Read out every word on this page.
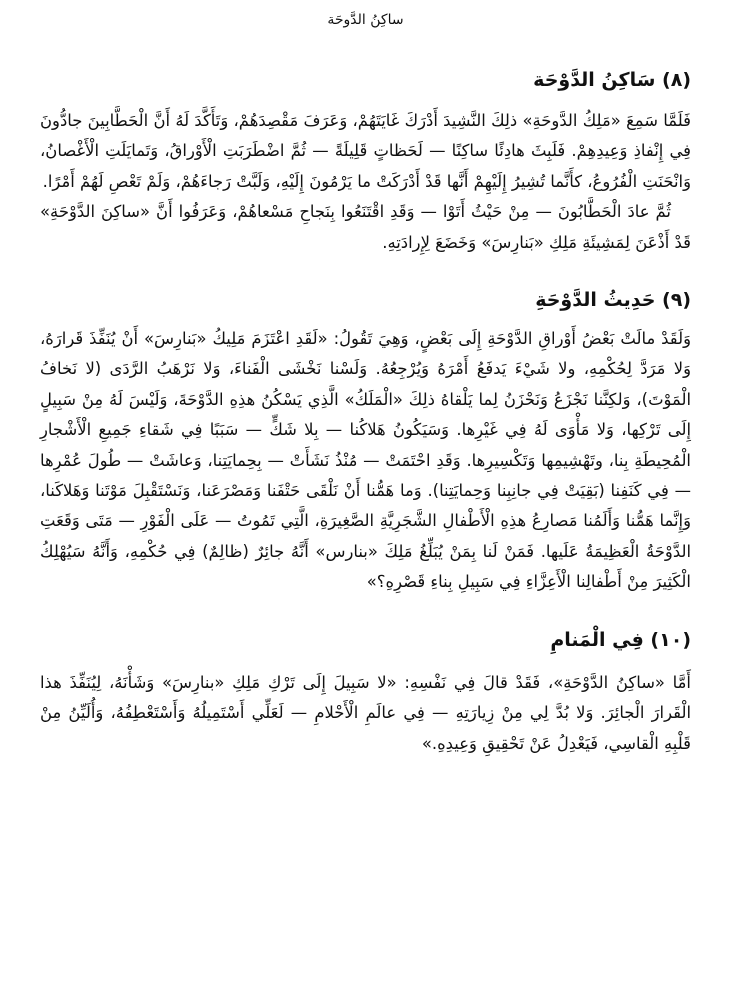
ساكِنُ الدَّوحَة
(٨) سَاكِنُ الدَّوْحَة

فَلَمَّا سَمِعَ «مَلِكُ الدَّوحَةِ» ذلِكَ النَّشِيدَ أَدْرَكَ غَايَتَهُمْ، وَعَرَفَ مَقْصِدَهُمْ، وَتَأَكَّدَ لَهُ أَنَّ الْحَطَّابِينَ جادُّونَ فِي إِنْفاذِ وَعِيدِهِمْ. فَلَبِثَ هادِئًا ساكِنًا — لَحَظاتٍ قَلِيلَةً — ثُمَّ اضْطَرَبَتِ الْأَوْراقُ، وَتَمايَلَتِ الْأَغْصانُ، وَانْحَنَتِ الْفُرُوعُ، كأَنَّما تُشِيرُ إِلَيْهِمْ أَنَّها قَدْ أَدْرَكَتْ ما يَرْمُونَ إِلَيْهِ، وَلَبَّتْ رَجاءَهُمْ، وَلَمْ تَعْصِ لَهُمْ أَمْرًا.

ثُمَّ عادَ الْحَطَّابُونَ — مِنْ حَيْثُ أَتَوْا — وَقَدِ اقْتَنَعُوا بِنَجاحِ مَسْعاهُمْ، وَعَرَفُوا أَنَّ «ساكِنَ الدَّوْحَةِ» قَدْ أَذْعَنَ لِمَشِيئَةِ مَلِكِ «بَنارِسَ» وَخَضَعَ لِإِرادَتِهِ.

(٩) حَدِيثُ الدَّوْحَةِ

وَلَقَدْ مالَتْ بَعْضُ أَوْراقِ الدَّوْحَةِ إِلَى بَعْضٍ، وَهِيَ تَقُولُ: «لَقَدِ اعْتَزَمَ مَلِيكُ «بَنارِسَ» أَنْ يُنَفِّذَ قَرارَهُ، وَلا مَرَدَّ لِحُكْمِهِ، ولا شَيْءَ يَدفَعُ أَمْرَهُ وَيُرْجِعُهُ. وَلَسْنا نَخْشَى الْفَناءَ، وَلا نَرْهَبُ الرَّدَى (لا نَخافُ الْمَوْتَ)، وَلكِنَّنا نَجْزَعُ وَنَحْزَنُ لِما يَلْقاهُ ذلِكَ «الْمَلَكُ» الَّذِي يَسْكُنُ هذِهِ الدَّوْحَةَ، وَلَيْسَ لَهُ مِنْ سَبِيلٍ إِلَى تَرْكِها، وَلا مَأْوَى لَهُ فِي غَيْرِها. وَسَيَكُونُ هَلاكُنا — بِلا شَكٍّ — سَبَبًا فِي شَقاءِ جَمِيعِ الْأَشْجارِ الْمُحِيطَةِ بِنا، وتَهْشِيمِها وَتَكْسِيرِها. وَقَدِ احْتَمَتْ — مُنْذُ نَشَأَتْ — بِحِمايَتِنا، وَعاشَتْ — طُولَ عُمْرِها — فِي كَنَفِنا (بَقِيَتْ فِي جانِبِنا وَحِمايَتِنا). وَما هَمُّنا أَنْ نَلْقَى حَتْفَنا وَمَصْرَعَنا، وَنَسْتَقْبِلَ مَوْتَنا وَهَلاكَنا، وَإِنَّما هَمُّنا وَأَلَمُنا مَصارِعُ هذِهِ الْأَطْفالِ الشَّجَرِيَّةِ الصَّغِيرَةِ، الَّتِي تَمُوتُ — عَلَى الْفَوْرِ — مَتَى وَقَعَتِ الدَّوْحَةُ الْعَظِيمَةُ عَلَيها. فَمَنْ لَنا بِمَنْ يُبَلِّغُ مَلِكَ «بنارس» أَنَّهُ جائِرٌ (ظالِمٌ) فِي حُكْمِهِ، وَأَنَّهُ سَيُهْلِكُ الْكَثِيرَ مِنْ أَطْفالِنا الْأَعِزَّاءِ فِي سَبِيلِ بِناءِ قَصْرِهِ؟»

(١٠) فِي الْمَنامِ

أَمَّا «ساكِنُ الدَّوْحَةِ»، فَقَدْ قالَ فِي نَفْسِهِ: «لا سَبِيلَ إِلَى تَرْكِ مَلِكِ «بنارِسَ» وَشَأْنَهُ، لِيُنَفِّذَ هذا الْقَرارَ الْجائِرَ. وَلا بُدَّ لِي مِنْ زِيارَتِهِ — فِي عالَمِ الْأَحْلامِ — لَعَلِّي أَسْتَمِيلُهُ وَأَسْتَعْطِفُهُ، وَأُلَيِّنُ مِنْ قَلْبِهِ الْقاسِي، فَيَعْدِلُ عَنْ تَحْقِيقِ وَعِيدِهِ.»
